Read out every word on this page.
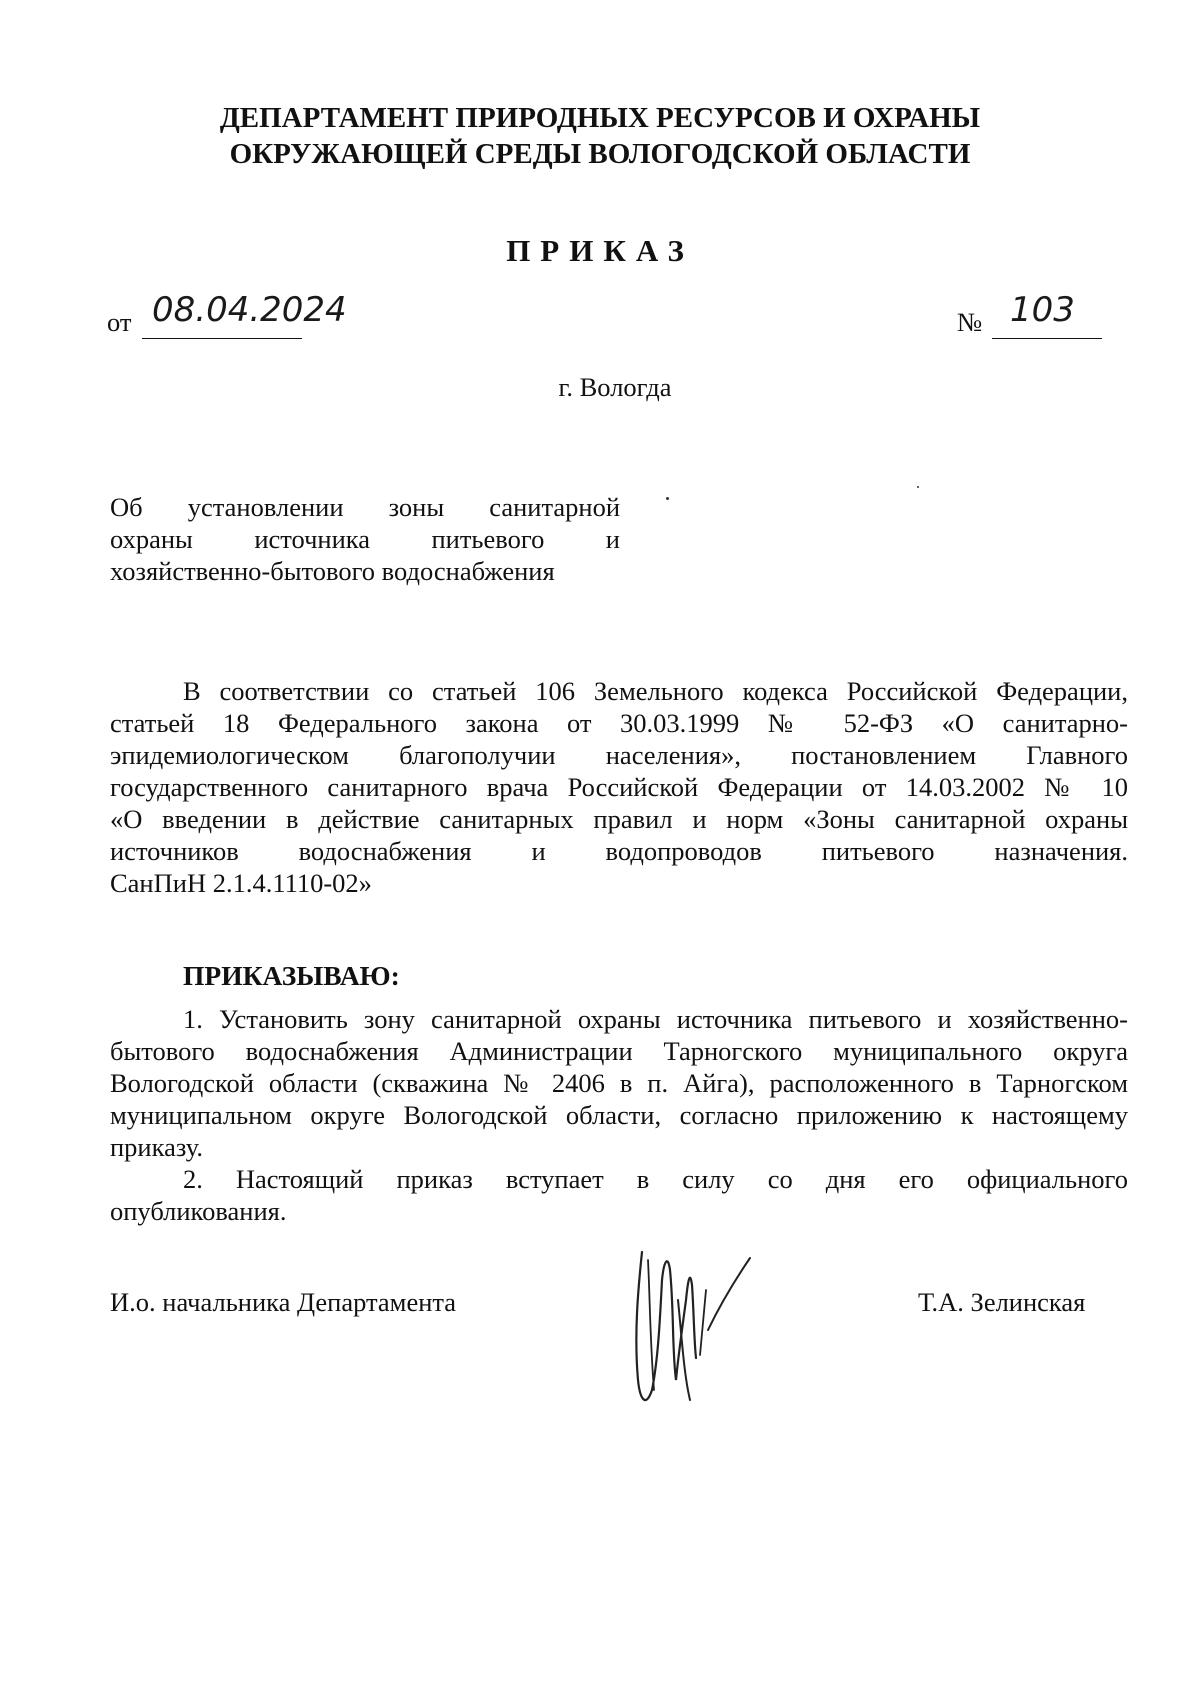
ДЕПАРТАМЕНТ ПРИРОДНЫХ РЕСУРСОВ И ОХРАНЫ
ОКРУЖАЮЩЕЙ СРЕДЫ ВОЛОГОДСКОЙ ОБЛАСТИ
ПРИКАЗ
от 08.04.2024	№ 103
г. Вологда
Об установлении зоны санитарной
охраны источника питьевого и
хозяйственно-бытового водоснабжения
В соответствии со статьей 106 Земельного кодекса Российской Федерации,
статьей 18 Федерального закона от 30.03.1999 № 52-ФЗ «О санитарно-
эпидемиологическом благополучии населения», постановлением Главного
государственного санитарного врача Российской Федерации от 14.03.2002 № 10
«О введении в действие санитарных правил и норм «Зоны санитарной охраны
источников водоснабжения и водопроводов питьевого назначения.
СанПиН 2.1.4.1110-02»
ПРИКАЗЫВАЮ:
1. Установить зону санитарной охраны источника питьевого и хозяйственно-
бытового водоснабжения Администрации Тарногского муниципального округа
Вологодской области (скважина № 2406 в п. Айга), расположенного в Тарногском
муниципальном округе Вологодской области, согласно приложению к настоящему
приказу.
2. Настоящий приказ вступает в силу со дня его официального
опубликования.
И.о. начальника Департамента	Т.А. Зелинская
